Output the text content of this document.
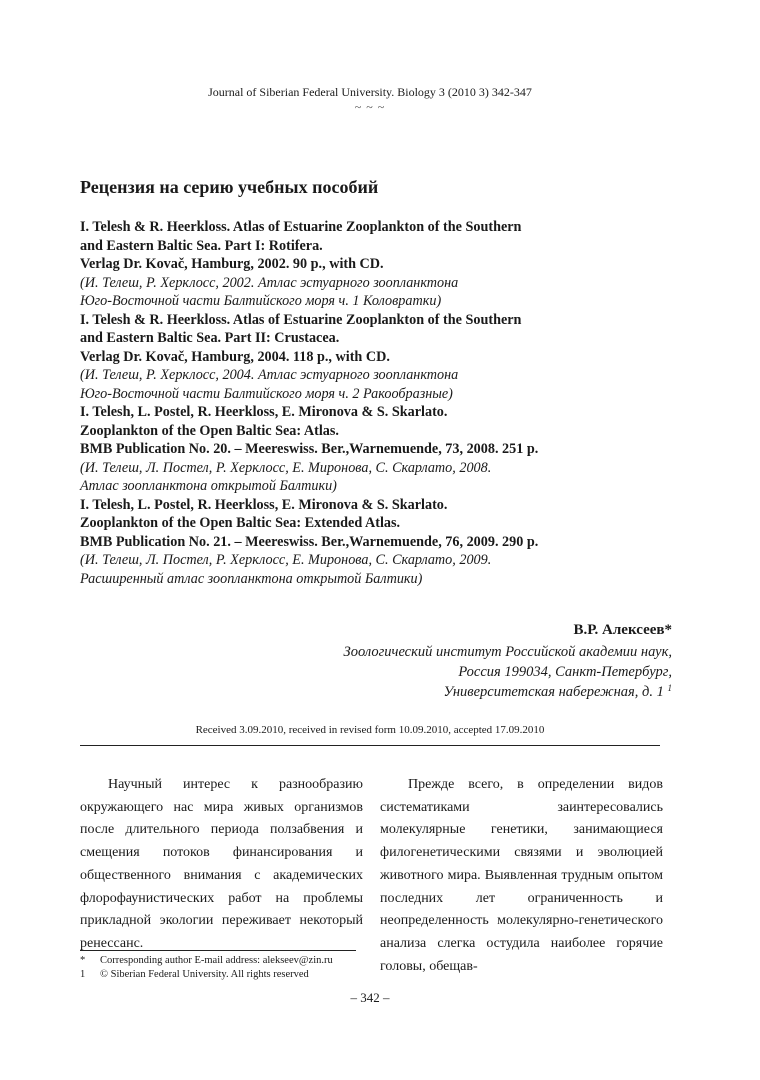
Journal of Siberian Federal University. Biology 3 (2010 3) 342-347
~ ~ ~
Рецензия на серию учебных пособий
I. Telesh & R. Heerkloss. Atlas of Estuarine Zooplankton of the Southern
and Eastern Baltic Sea. Part I: Rotifera.
Verlag Dr. Kovač, Hamburg, 2002. 90 p., with CD.
(И. Телеш, Р. Херклосс, 2002. Атлас эстуарного зоопланктона
Юго-Восточной части Балтийского моря ч. 1 Коловратки)
I. Telesh & R. Heerkloss. Atlas of Estuarine Zooplankton of the Southern
and Eastern Baltic Sea. Part II: Crustacea.
Verlag Dr. Kovač, Hamburg, 2004. 118 p., with CD.
(И. Телеш, Р. Херклосс, 2004. Атлас эстуарного зоопланктона
Юго-Восточной части Балтийского моря ч. 2 Ракообразные)
I. Telesh, L. Postel, R. Heerkloss, E. Mironova & S. Skarlato.
Zooplankton of the Open Baltic Sea: Atlas.
BMB Publication No. 20. – Meereswiss. Ber.,Warnemuende, 73, 2008. 251 p.
(И. Телеш, Л. Постел, Р. Херклосс, Е. Миронова, С. Скарлато, 2008.
Атлас зоопланктона открытой Балтики)
I. Telesh, L. Postel, R. Heerkloss, E. Mironova & S. Skarlato.
Zooplankton of the Open Baltic Sea: Extended Atlas.
BMB Publication No. 21. – Meereswiss. Ber.,Warnemuende, 76, 2009. 290 p.
(И. Телеш, Л. Постел, Р. Херклосс, Е. Миронова, С. Скарлато, 2009.
Расширенный атлас зоопланктона открытой Балтики)
В.Р. Алексеев*
Зоологический институт Российской академии наук,
Россия 199034, Санкт-Петербург,
Университетская набережная, д. 1 $^1$
Received 3.09.2010, received in revised form 10.09.2010, accepted 17.09.2010

Научный интерес к разнообразию окружающего нас мира живых организмов после длительного периода ползабвения и смещения потоков финансирования и общественного внимания с академических флорофаунистических работ на проблемы прикладной экологии переживает некоторый ренессанс.

Прежде всего, в определении видов систематиками заинтересовались молекулярные генетики, занимающиеся филогенетическими связями и эволюцией животного мира. Выявленная трудным опытом последних лет ограниченность и неопределенность молекулярно-генетического анализа слегка остудила наиболее горячие головы, обещав-

*	Corresponding author E-mail address: alekseev@zin.ru
1	© Siberian Federal University. All rights reserved
– 342 –
